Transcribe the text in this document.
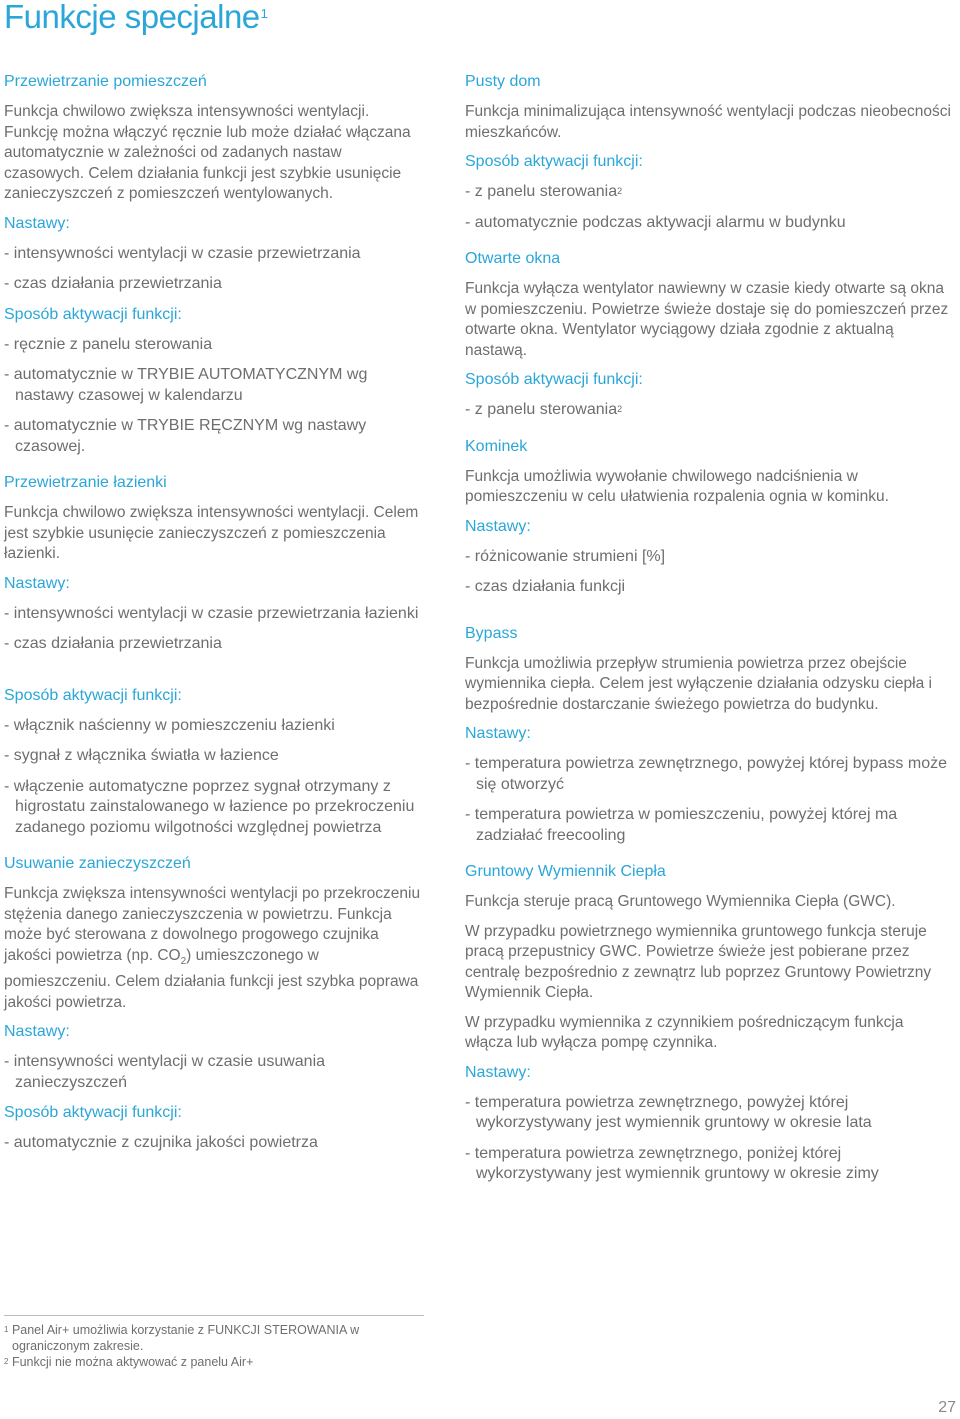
Funkcje specjalne$^1$
Przewietrzanie pomieszczeń

Funkcja chwilowo zwiększa intensywności wentylacji. Funkcję można włączyć ręcznie lub może działać włączana automatycznie w zależności od zadanych nastaw czasowych. Celem działania funkcji jest szybkie usunięcie zanieczyszczeń z pomieszczeń wentylowanych.

Nastawy:
- intensywności wentylacji w czasie przewietrzania
- czas działania przewietrzania
Sposób aktywacji funkcji:
- ręcznie z panelu sterowania
- automatycznie w TRYBIE AUTOMATYCZNYM wg nastawy czasowej w kalendarzu
- automatycznie w TRYBIE RĘCZNYM wg nastawy czasowej.
Przewietrzanie łazienki

Funkcja chwilowo zwiększa intensywności wentylacji. Celem jest szybkie usunięcie zanieczyszczeń z pomieszczenia łazienki.

Nastawy:
- intensywności wentylacji w czasie przewietrzania łazienki
- czas działania przewietrzania
Sposób aktywacji funkcji:
- włącznik naścienny w pomieszczeniu łazienki
- sygnał z włącznika światła w łazience
- włączenie automatyczne poprzez sygnał otrzymany z higrostatu zainstalowanego w łazience po przekroczeniu zadanego poziomu wilgotności względnej powietrza
Usuwanie zanieczyszczeń

Funkcja zwiększa intensywności wentylacji po przekroczeniu stężenia danego zanieczyszczenia w powietrzu. Funkcja może być sterowana z dowolnego progowego czujnika jakości powietrza (np. $CO_2$) umieszczonego w pomieszczeniu. Celem działania funkcji jest szybka poprawa jakości powietrza.

Nastawy:
- intensywności wentylacji w czasie usuwania zanieczyszczeń
Sposób aktywacji funkcji:
- automatycznie z czujnika jakości powietrza
Pusty dom

Funkcja minimalizująca intensywność wentylacji podczas nieobecności mieszkańców.

Sposób aktywacji funkcji:
- z panelu sterowania$^2$
- automatycznie podczas aktywacji alarmu w budynku
Otwarte okna

Funkcja wyłącza wentylator nawiewny w czasie kiedy otwarte są okna w pomieszczeniu. Powietrze świeże dostaje się do pomieszczeń przez otwarte okna. Wentylator wyciągowy działa zgodnie z aktualną nastawą.

Sposób aktywacji funkcji:
- z panelu sterowania$^2$
Kominek

Funkcja umożliwia wywołanie chwilowego nadciśnienia w pomieszczeniu w celu ułatwienia rozpalenia ognia w kominku.

Nastawy:
- różnicowanie strumieni [%]
- czas działania funkcji
Bypass

Funkcja umożliwia przepływ strumienia powietrza przez obejście wymiennika ciepła. Celem jest wyłączenie działania odzysku ciepła i bezpośrednie dostarczanie świeżego powietrza do budynku.

Nastawy:
- temperatura powietrza zewnętrznego, powyżej której bypass może się otworzyć
- temperatura powietrza w pomieszczeniu, powyżej której ma zadziałać freecooling
Gruntowy Wymiennik Ciepła

Funkcja steruje pracą Gruntowego Wymiennika Ciepła (GWC).

W przypadku powietrznego wymiennika gruntowego funkcja steruje pracą przepustnicy GWC. Powietrze świeże jest pobierane przez centralę bezpośrednio z zewnątrz lub poprzez Gruntowy Powietrzny Wymiennik Ciepła.

W przypadku wymiennika z czynnikiem pośredniczącym funkcja włącza lub wyłącza pompę czynnika.

Nastawy:
- temperatura powietrza zewnętrznego, powyżej której wykorzystywany jest wymiennik gruntowy w okresie lata
- temperatura powietrza zewnętrznego, poniżej której wykorzystywany jest wymiennik gruntowy w okresie zimy

$^1$ Panel Air+ umożliwia korzystanie z FUNKCJI STEROWANIA w ograniczonym zakresie.

$^2$ Funkcji nie można aktywować z panelu Air+

27
